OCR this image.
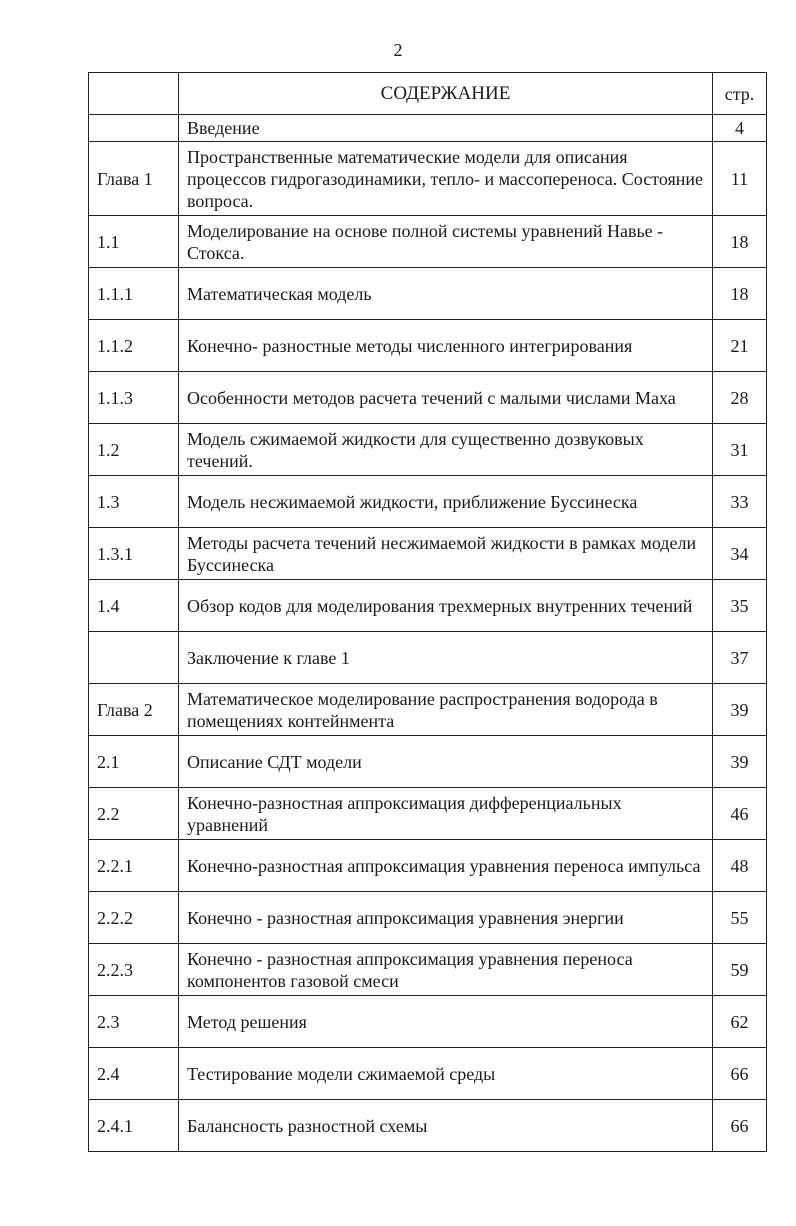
2
	СОДЕРЖАНИЕ	стр.
	Введение	4
Глава 1	Пространственные математические модели для описания процессов гидрогазодинамики, тепло- и массопереноса. Состояние вопроса.	11
1.1	Моделирование на основе полной системы уравнений Навье - Стокса.	18
1.1.1	Математическая модель	18
1.1.2	Конечно- разностные методы численного интегрирования	21
1.1.3	Особенности методов расчета течений с малыми числами Маха	28
1.2	Модель сжимаемой жидкости для существенно дозвуковых течений.	31
1.3	Модель несжимаемой жидкости, приближение Буссинеска	33
1.3.1	Методы расчета течений несжимаемой жидкости в рамках модели Буссинеска	34
1.4	Обзор кодов для моделирования трехмерных внутренних течений	35
	Заключение к главе 1	37
Глава 2	Математическое моделирование распространения водорода в помещениях контейнмента	39
2.1	Описание СДТ модели	39
2.2	Конечно-разностная аппроксимация дифференциальных уравнений	46
2.2.1	Конечно-разностная аппроксимация уравнения переноса импульса	48
2.2.2	Конечно - разностная аппроксимация уравнения энергии	55
2.2.3	Конечно - разностная аппроксимация уравнения переноса компонентов газовой смеси	59
2.3	Метод решения	62
2.4	Тестирование модели сжимаемой среды	66
2.4.1	Балансность разностной схемы	66
